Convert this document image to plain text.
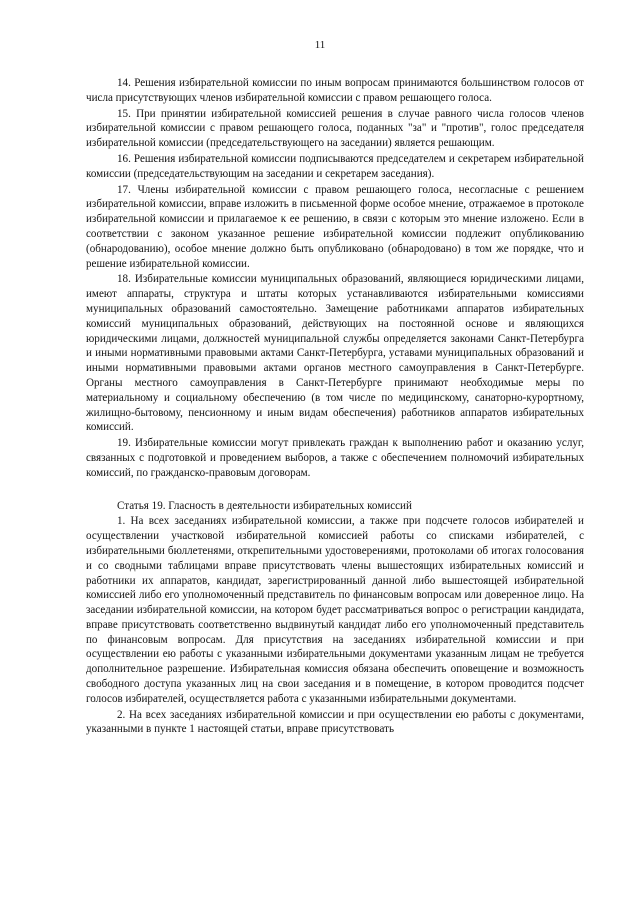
11

14. Решения избирательной комиссии по иным вопросам принимаются большинством голосов от числа присутствующих членов избирательной комиссии с правом решающего голоса.

15. При принятии избирательной комиссией решения в случае равного числа голосов членов избирательной комиссии с правом решающего голоса, поданных "за" и "против", голос председателя избирательной комиссии (председательствующего на заседании) является решающим.

16. Решения избирательной комиссии подписываются председателем и секретарем избирательной комиссии (председательствующим на заседании и секретарем заседания).

17. Члены избирательной комиссии с правом решающего голоса, несогласные с решением избирательной комиссии, вправе изложить в письменной форме особое мнение, отражаемое в протоколе избирательной комиссии и прилагаемое к ее решению, в связи с которым это мнение изложено. Если в соответствии с законом указанное решение избирательной комиссии подлежит опубликованию (обнародованию), особое мнение должно быть опубликовано (обнародовано) в том же порядке, что и решение избирательной комиссии.

18. Избирательные комиссии муниципальных образований, являющиеся юридическими лицами, имеют аппараты, структура и штаты которых устанавливаются избирательными комиссиями муниципальных образований самостоятельно. Замещение работниками аппаратов избирательных комиссий муниципальных образований, действующих на постоянной основе и являющихся юридическими лицами, должностей муниципальной службы определяется законами Санкт-Петербурга и иными нормативными правовыми актами Санкт-Петербурга, уставами муниципальных образований и иными нормативными правовыми актами органов местного самоуправления в Санкт-Петербурге. Органы местного самоуправления в Санкт-Петербурге принимают необходимые меры по материальному и социальному обеспечению (в том числе по медицинскому, санаторно-курортному, жилищно-бытовому, пенсионному и иным видам обеспечения) работников аппаратов избирательных комиссий.

19. Избирательные комиссии могут привлекать граждан к выполнению работ и оказанию услуг, связанных с подготовкой и проведением выборов, а также с обеспечением полномочий избирательных комиссий, по гражданско-правовым договорам.

Статья 19. Гласность в деятельности избирательных комиссий

1. На всех заседаниях избирательной комиссии, а также при подсчете голосов избирателей и осуществлении участковой избирательной комиссией работы со списками избирателей, с избирательными бюллетенями, открепительными удостоверениями, протоколами об итогах голосования и со сводными таблицами вправе присутствовать члены вышестоящих избирательных комиссий и работники их аппаратов, кандидат, зарегистрированный данной либо вышестоящей избирательной комиссией либо его уполномоченный представитель по финансовым вопросам или доверенное лицо. На заседании избирательной комиссии, на котором будет рассматриваться вопрос о регистрации кандидата, вправе присутствовать соответственно выдвинутый кандидат либо его уполномоченный представитель по финансовым вопросам. Для присутствия на заседаниях избирательной комиссии и при осуществлении ею работы с указанными избирательными документами указанным лицам не требуется дополнительное разрешение. Избирательная комиссия обязана обеспечить оповещение и возможность свободного доступа указанных лиц на свои заседания и в помещение, в котором проводится подсчет голосов избирателей, осуществляется работа с указанными избирательными документами.

2. На всех заседаниях избирательной комиссии и при осуществлении ею работы с документами, указанными в пункте 1 настоящей статьи, вправе присутствовать
